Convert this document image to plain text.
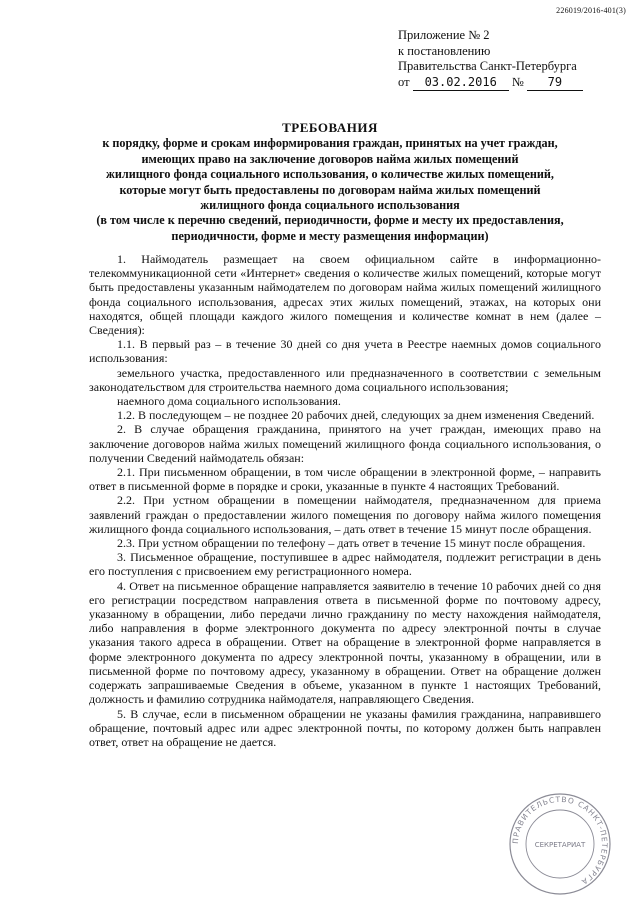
226019/2016-401(3)
Приложение № 2
к постановлению
Правительства Санкт-Петербурга
от 03.02.2016 № 79
ТРЕБОВАНИЯ
к порядку, форме и срокам информирования граждан, принятых на учет граждан,
имеющих право на заключение договоров найма жилых помещений
жилищного фонда социального использования, о количестве жилых помещений,
которые могут быть предоставлены по договорам найма жилых помещений
жилищного фонда социального использования
(в том числе к перечню сведений, периодичности, форме и месту их предоставления,
периодичности, форме и месту размещения информации)

1. Наймодатель размещает на своем официальном сайте в информационно-телекоммуникационной сети «Интернет» сведения о количестве жилых помещений, которые могут быть предоставлены указанным наймодателем по договорам найма жилых помещений жилищного фонда социального использования, адресах этих жилых помещений, этажах, на которых они находятся, общей площади каждого жилого помещения и количестве комнат в нем (далее – Сведения):

1.1. В первый раз – в течение 30 дней со дня учета в Реестре наемных домов социального использования:

земельного участка, предоставленного или предназначенного в соответствии с земельным законодательством для строительства наемного дома социального использования;

наемного дома социального использования.

1.2. В последующем – не позднее 20 рабочих дней, следующих за днем изменения Сведений.

2. В случае обращения гражданина, принятого на учет граждан, имеющих право на заключение договоров найма жилых помещений жилищного фонда социального использования, о получении Сведений наймодатель обязан:

2.1. При письменном обращении, в том числе обращении в электронной форме, – направить ответ в письменной форме в порядке и сроки, указанные в пункте 4 настоящих Требований.

2.2. При устном обращении в помещении наймодателя, предназначенном для приема заявлений граждан о предоставлении жилого помещения по договору найма жилого помещения жилищного фонда социального использования, – дать ответ в течение 15 минут после обращения.

2.3. При устном обращении по телефону – дать ответ в течение 15 минут после обращения.

3. Письменное обращение, поступившее в адрес наймодателя, подлежит регистрации в день его поступления с присвоением ему регистрационного номера.

4. Ответ на письменное обращение направляется заявителю в течение 10 рабочих дней со дня его регистрации посредством направления ответа в письменной форме по почтовому адресу, указанному в обращении, либо передачи лично гражданину по месту нахождения наймодателя, либо направления в форме электронного документа по адресу электронной почты в случае указания такого адреса в обращении. Ответ на обращение в электронной форме направляется в форме электронного документа по адресу электронной почты, указанному в обращении, или в письменной форме по почтовому адресу, указанному в обращении. Ответ на обращение должен содержать запрашиваемые Сведения в объеме, указанном в пункте 1 настоящих Требований, должность и фамилию сотрудника наймодателя, направляющего Сведения.

5. В случае, если в письменном обращении не указаны фамилия гражданина, направившего обращение, почтовый адрес или адрес электронной почты, по которому должен быть направлен ответ, ответ на обращение не дается.

ПРАВИТЕЛЬСТВО САНКТ-ПЕТЕРБУРГА
СЕКРЕТАРИАТ
